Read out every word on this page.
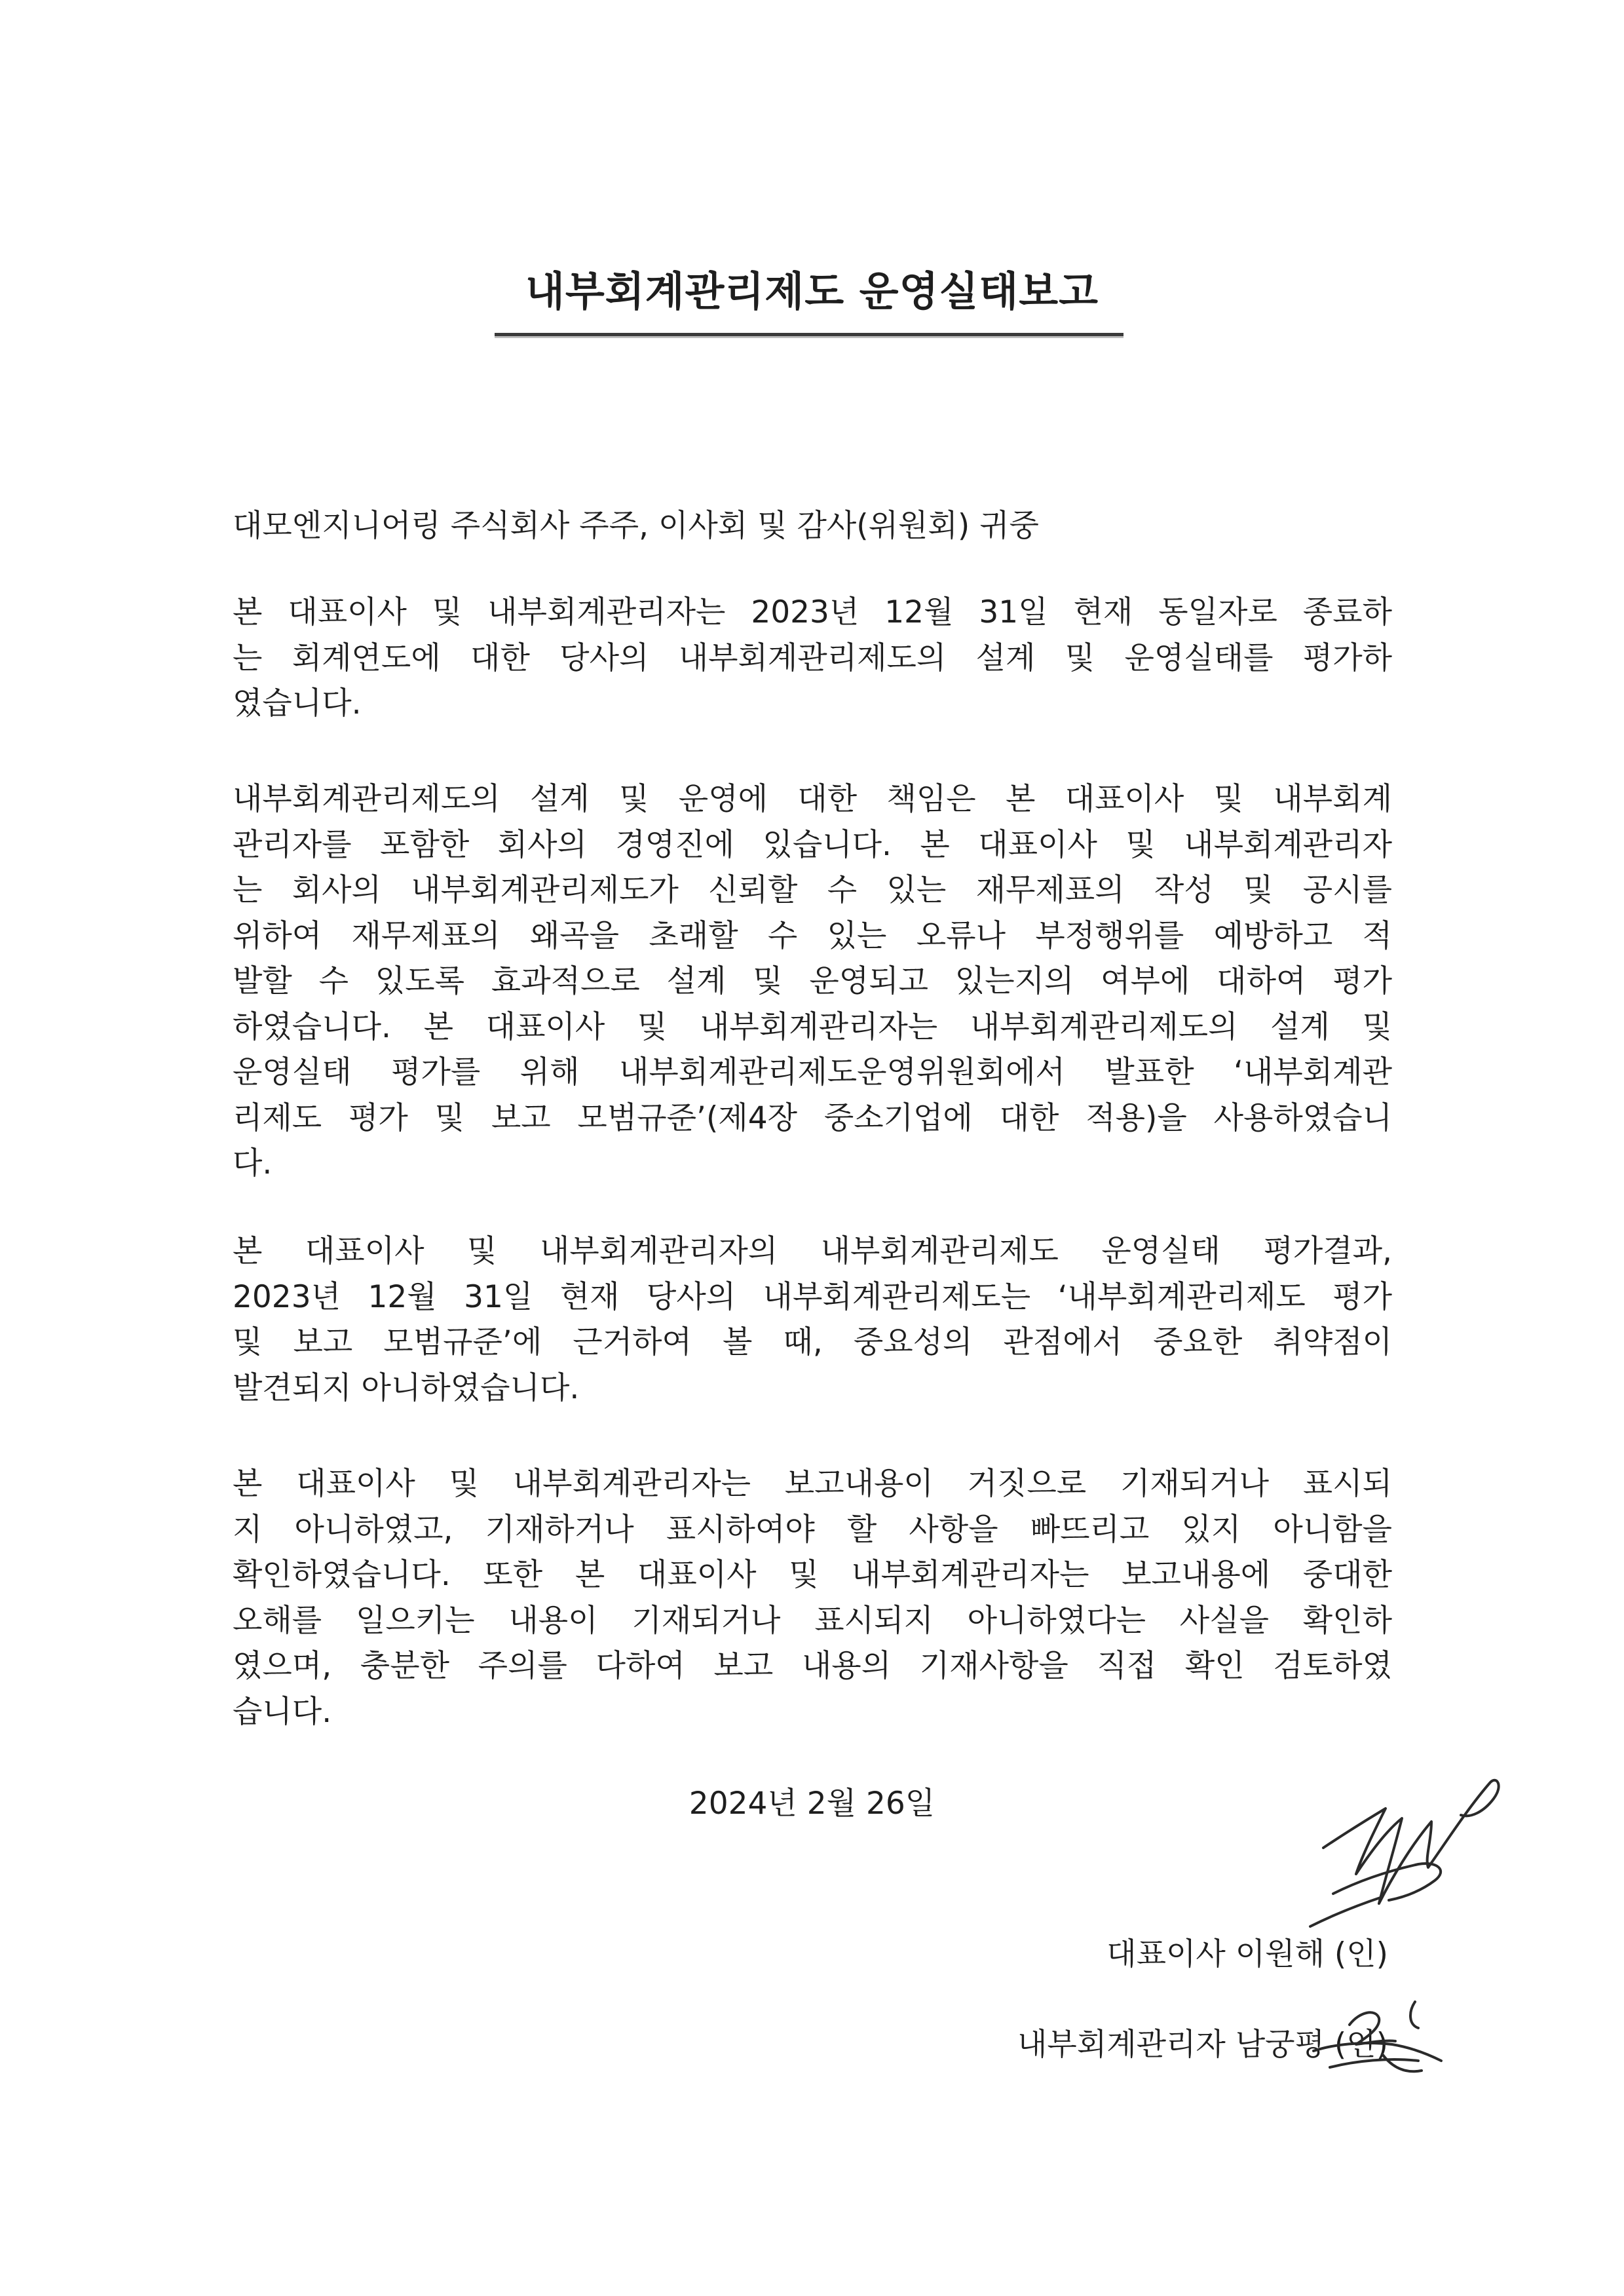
내부회계관리제도 운영실태보고
대모엔지니어링 주식회사 주주, 이사회 및 감사(위원회) 귀중
본 대표이사 및 내부회계관리자는 2023년 12월 31일 현재 동일자로 종료하
는 회계연도에 대한 당사의 내부회계관리제도의 설계 및 운영실태를 평가하
였습니다.
내부회계관리제도의 설계 및 운영에 대한 책임은 본 대표이사 및 내부회계
관리자를 포함한 회사의 경영진에 있습니다. 본 대표이사 및 내부회계관리자
는 회사의 내부회계관리제도가 신뢰할 수 있는 재무제표의 작성 및 공시를
위하여 재무제표의 왜곡을 초래할 수 있는 오류나 부정행위를 예방하고 적
발할 수 있도록 효과적으로 설계 및 운영되고 있는지의 여부에 대하여 평가
하였습니다. 본 대표이사 및 내부회계관리자는 내부회계관리제도의 설계 및
운영실태 평가를 위해 내부회계관리제도운영위원회에서 발표한 ‘내부회계관
리제도 평가 및 보고 모범규준’(제4장 중소기업에 대한 적용)을 사용하였습니
다.
본 대표이사 및 내부회계관리자의 내부회계관리제도 운영실태 평가결과,
2023년 12월 31일 현재 당사의 내부회계관리제도는 ‘내부회계관리제도 평가
및 보고 모범규준’에 근거하여 볼 때, 중요성의 관점에서 중요한 취약점이
발견되지 아니하였습니다.
본 대표이사 및 내부회계관리자는 보고내용이 거짓으로 기재되거나 표시되
지 아니하였고, 기재하거나 표시하여야 할 사항을 빠뜨리고 있지 아니함을
확인하였습니다. 또한 본 대표이사 및 내부회계관리자는 보고내용에 중대한
오해를 일으키는 내용이 기재되거나 표시되지 아니하였다는 사실을 확인하
였으며, 충분한 주의를 다하여 보고 내용의 기재사항을 직접 확인 검토하였
습니다.
2024년 2월 26일
대표이사 이원해 (인)
내부회계관리자 남궁평 (인)
